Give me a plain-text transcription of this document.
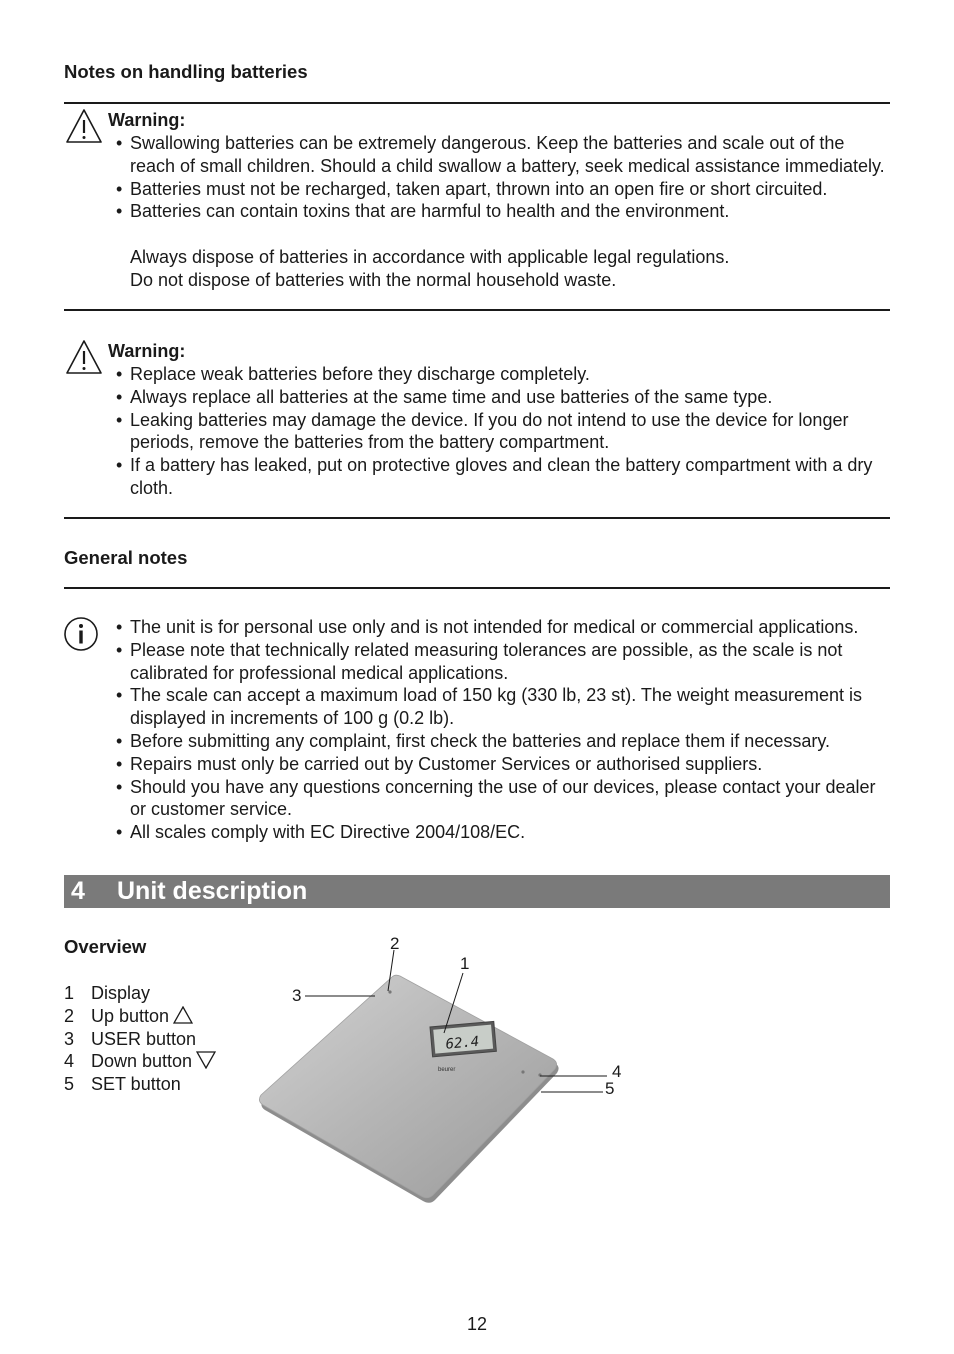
Notes on handling batteries
Warning:
• Swallowing batteries can be extremely dangerous. Keep the batteries and scale out of the reach of small children. Should a child swallow a battery, seek medical assistance immediately.
• Batteries must not be recharged, taken apart, thrown into an open fire or short circuited.
• Batteries can contain toxins that are harmful to health and the environment.
Always dispose of batteries in accordance with applicable legal regulations.
Do not dispose of batteries with the normal household waste.
Warning:
• Replace weak batteries before they discharge completely.
• Always replace all batteries at the same time and use batteries of the same type.
• Leaking batteries may damage the device. If you do not intend to use the device for longer periods, remove the batteries from the battery compartment.
• If a battery has leaked, put on protective gloves and clean the battery compartment with a dry cloth.
General notes
• The unit is for personal use only and is not intended for medical or commercial applications.
• Please note that technically related measuring tolerances are possible, as the scale is not calibrated for professional medical applications.
• The scale can accept a maximum load of 150 kg (330 lb, 23 st). The weight measurement is displayed in increments of 100 g (0.2 lb).
• Before submitting any complaint, first check the batteries and replace them if necessary.
• Repairs must only be carried out by Customer Services or authorised suppliers.
• Should you have any questions concerning the use of our devices, please contact your dealer or customer service.
• All scales comply with EC Directive 2004/108/EC.
4 Unit description
Overview
1 Display
2 Up button
3 USER button
4 Down button
5 SET button
62.4
beurer
2
1
3
4
5
12
